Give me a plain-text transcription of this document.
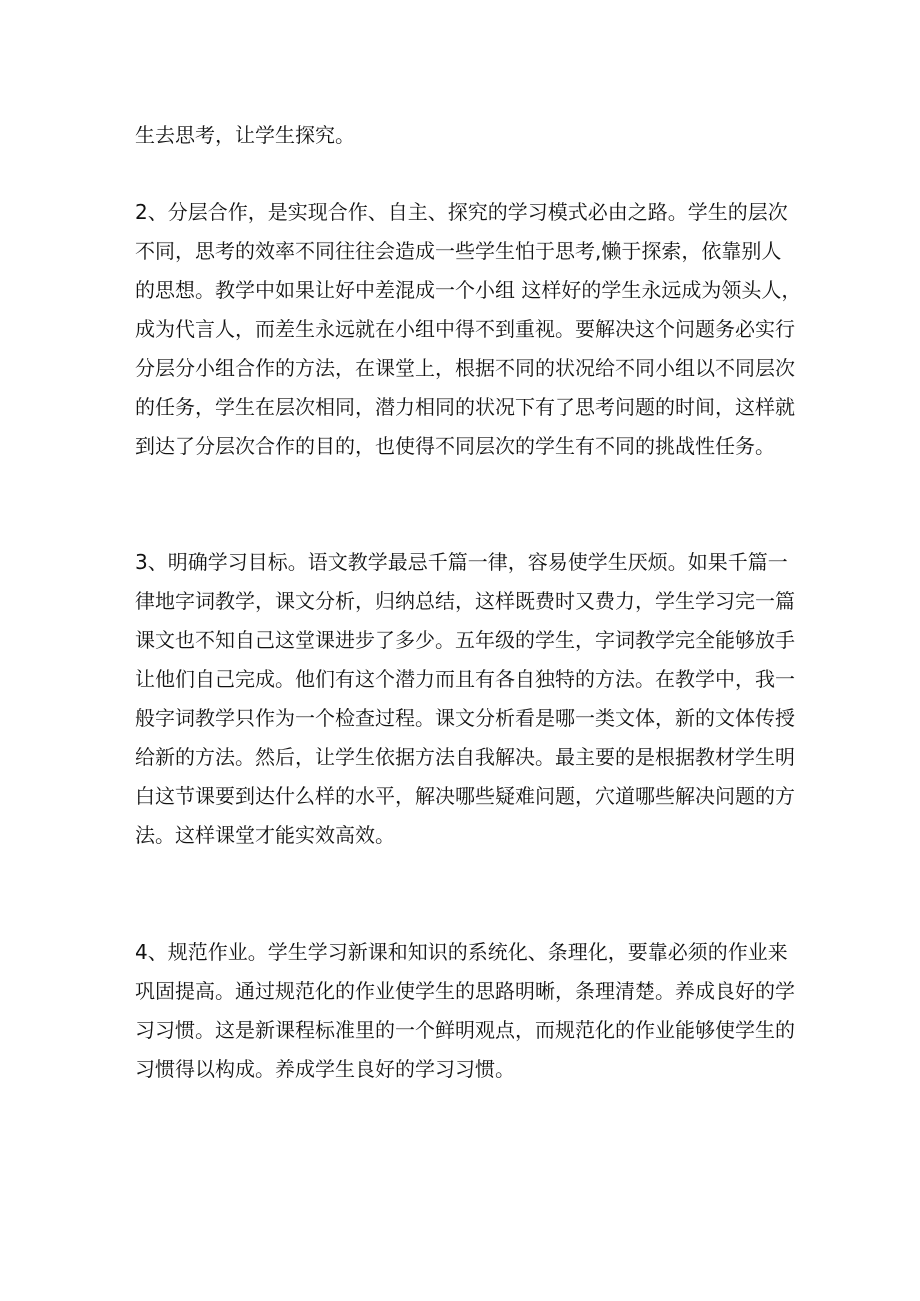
生去思考，让学生探究。

2、分层合作，是实现合作、自主、探究的学习模式必由之路。学生的层次
不同，思考的效率不同往往会造成一些学生怕于思考,懒于探索，依靠别人
的思想。教学中如果让好中差混成一个小组 这样好的学生永远成为领头人，
成为代言人，而差生永远就在小组中得不到重视。要解决这个问题务必实行
分层分小组合作的方法，在课堂上，根据不同的状况给不同小组以不同层次
的任务，学生在层次相同，潜力相同的状况下有了思考问题的时间，这样就
到达了分层次合作的目的，也使得不同层次的学生有不同的挑战性任务。

3、明确学习目标。语文教学最忌千篇一律，容易使学生厌烦。如果千篇一
律地字词教学，课文分析，归纳总结，这样既费时又费力，学生学习完一篇
课文也不知自己这堂课进步了多少。五年级的学生，字词教学完全能够放手
让他们自己完成。他们有这个潜力而且有各自独特的方法。在教学中，我一
般字词教学只作为一个检查过程。课文分析看是哪一类文体，新的文体传授
给新的方法。然后，让学生依据方法自我解决。最主要的是根据教材学生明
白这节课要到达什么样的水平，解决哪些疑难问题，穴道哪些解决问题的方
法。这样课堂才能实效高效。

4、规范作业。学生学习新课和知识的系统化、条理化，要靠必须的作业来
巩固提高。通过规范化的作业使学生的思路明晰，条理清楚。养成良好的学
习习惯。这是新课程标准里的一个鲜明观点，而规范化的作业能够使学生的
习惯得以构成。养成学生良好的学习习惯。
